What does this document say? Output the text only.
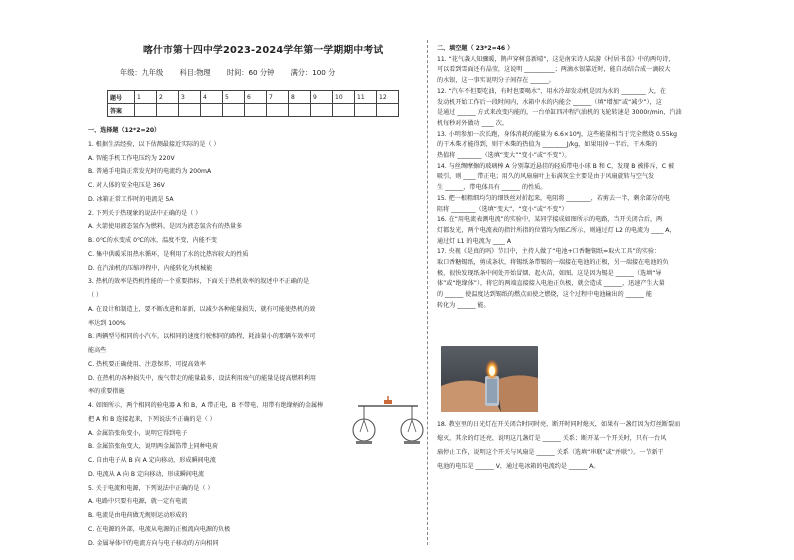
喀什市第十四中学2023-2024学年第一学期期中考试
年级：九年级 科目:物理 时间：60 分钟 满分：100 分
题号	1	2	3	4	5	6	7	8	9	10	11	12
答案												
一、选择题（12*2=20）
1. 根据生活经验，以下估测最接近实际的是（ ）
A. 智能手机工作电压约为 220V
B. 普通手电筒正常发光时的电流约为 200mA
C. 对人体的安全电压是 36V
D. 冰箱正常工作时的电流是 5A
2. 下列关于热现象的说法中正确的是（ ）
A. 火箭使用液态氢作为燃料，是因为液态氢含有的热量多
B. 0℃的水变成 0℃的冰，温度不变，内能不变
C. 集中供暖采用热水循环，是利用了水的比热容较大的性质
D. 在汽油机的压缩冲程中，内能转化为机械能
3. 热机的效率是热机性能的一个重要指标，下面关于热机效率的叙述中不正确的是
（ ）
A. 在设计和制造上，要不断改进和革新，以减少各种能量损失，就有可能使热机的效
率达到 100%
B. 两辆型号相同的小汽车，以相同的速度行驶相同的路程，耗油量小的那辆车效率可
能高些
C. 热机要正确使用、注意保养，可提高效率
D. 在热机的各种损失中，废气带走的能量最多，设法利用废气的能量是提高燃料利用
率的重要措施
4. 如图所示，两个相同的验电器 A 和 B，A 带正电，B 不带电，用带有绝缘柄的金属棒
把 A 和 B 连接起来，下列说法不正确的是（ ）
A. 金属箔张角变小，说明它得到电子
B. 金属箔张角变大，说明两金属箔带上同种电荷
C. 自由电子从 B 向 A 定向移动，形成瞬间电流
D. 电流从 A 向 B 定向移动，形成瞬间电流
5. 关于电流和电源，下列说法中正确的是（ ）
A. 电路中只要有电源，就一定有电流
B. 电流是由电荷做无规则运动形成的
C. 在电源的外部，电流从电源的正极流向电源的负极
D. 金属导体中的电流方向与电子移动的方向相同
二、填空题（ 23*2=46 ）
11. “花气袭人知骤暖，鹊声穿树喜新晴”，这是南宋诗人陆游《村居书喜》中的两句诗，
可以看到雪面还有晶莹，这说明 __________；两滴水银靠近时，能自动结合成一滴较大
的水银，这一事实说明分子间存在 ______。
12. “汽车不但要吃油，有时也要喝水”，用水冷却发动机是因为水的 ________ 大，在
发动机开始工作后一段时间内，水箱中水的内能会 ______（填“增加”或“减少”），这
是通过 ______ 方式来改变内能的，一台单缸四冲程汽油机的飞轮转速是 3000r/min，汽油
机每秒对外做功 ____ 次。
13. 小明参加一次长跑，身体消耗的能量为 6.6×10⁶J，这些能量相当于完全燃烧 0.55kg
的干木柴才能得到，则干木柴的热值为 ________J/kg，如果用掉一半后，干木柴的
热值将 ________（选填“变大”“变小”或“不变”）。
14. 与丝绸摩擦的玻璃棒 A 分别靠近悬挂的轻质带电小球 B 和 C，发现 B 被排斥，C 被
吸引，则 ____ 带正电；用久的风扇扇叶上布满灰尘主要是由于风扇旋转与空气发
生 ______，带电体具有 ______ 的性质。
15. 把一根粗细均匀的细铁丝对折起来，电阻将 ________，若剪去一半，剩余部分的电
阻将 ________（选填“变大”、“变小”或“不变”）
16. 在“用电流表测电流”的实验中，某同学接成如图所示的电路，当开关闭合后，两
灯都发光，两个电流表的指针所指的位置均为图乙所示，则通过灯 L2 的电流为 ____ A，
通过灯 L1 的电流为 ____ A
17. 央视《是真的吗》节目中，主持人做了“电池+口香糖锡纸=取火工具”的实验：
取口香糖锡纸，剪成条状，将锡纸条带锡的一端接在电池的正极，另一端接在电池的负
极，很快发现纸条中间处开始冒烟、起火苗，如图。这是因为锡是 ______（选填“导
体”或“绝缘体”），将它的两端直接接入电池正负极，就会造成 ______，迅速产生大量
的 ______ 使温度达到锡纸的燃点而使之燃烧，这个过程中电池输出的 ______ 能
转化为 ______ 能。
18. 教室里的日光灯在开关闭合时同时亮，断开时同时熄灭，如果有一盏灯因为灯丝断裂而
熄灭，其余的灯还亮，说明这几盏灯是 ______ 关系；断开某一个开关时，只有一台风
扇停止工作，说明这个开关与风扇是 ______ 关系（选填“串联”或“并联”）。一节新干
电池的电压是 ______ V，通过电冰箱的电流约是 ______ A。
